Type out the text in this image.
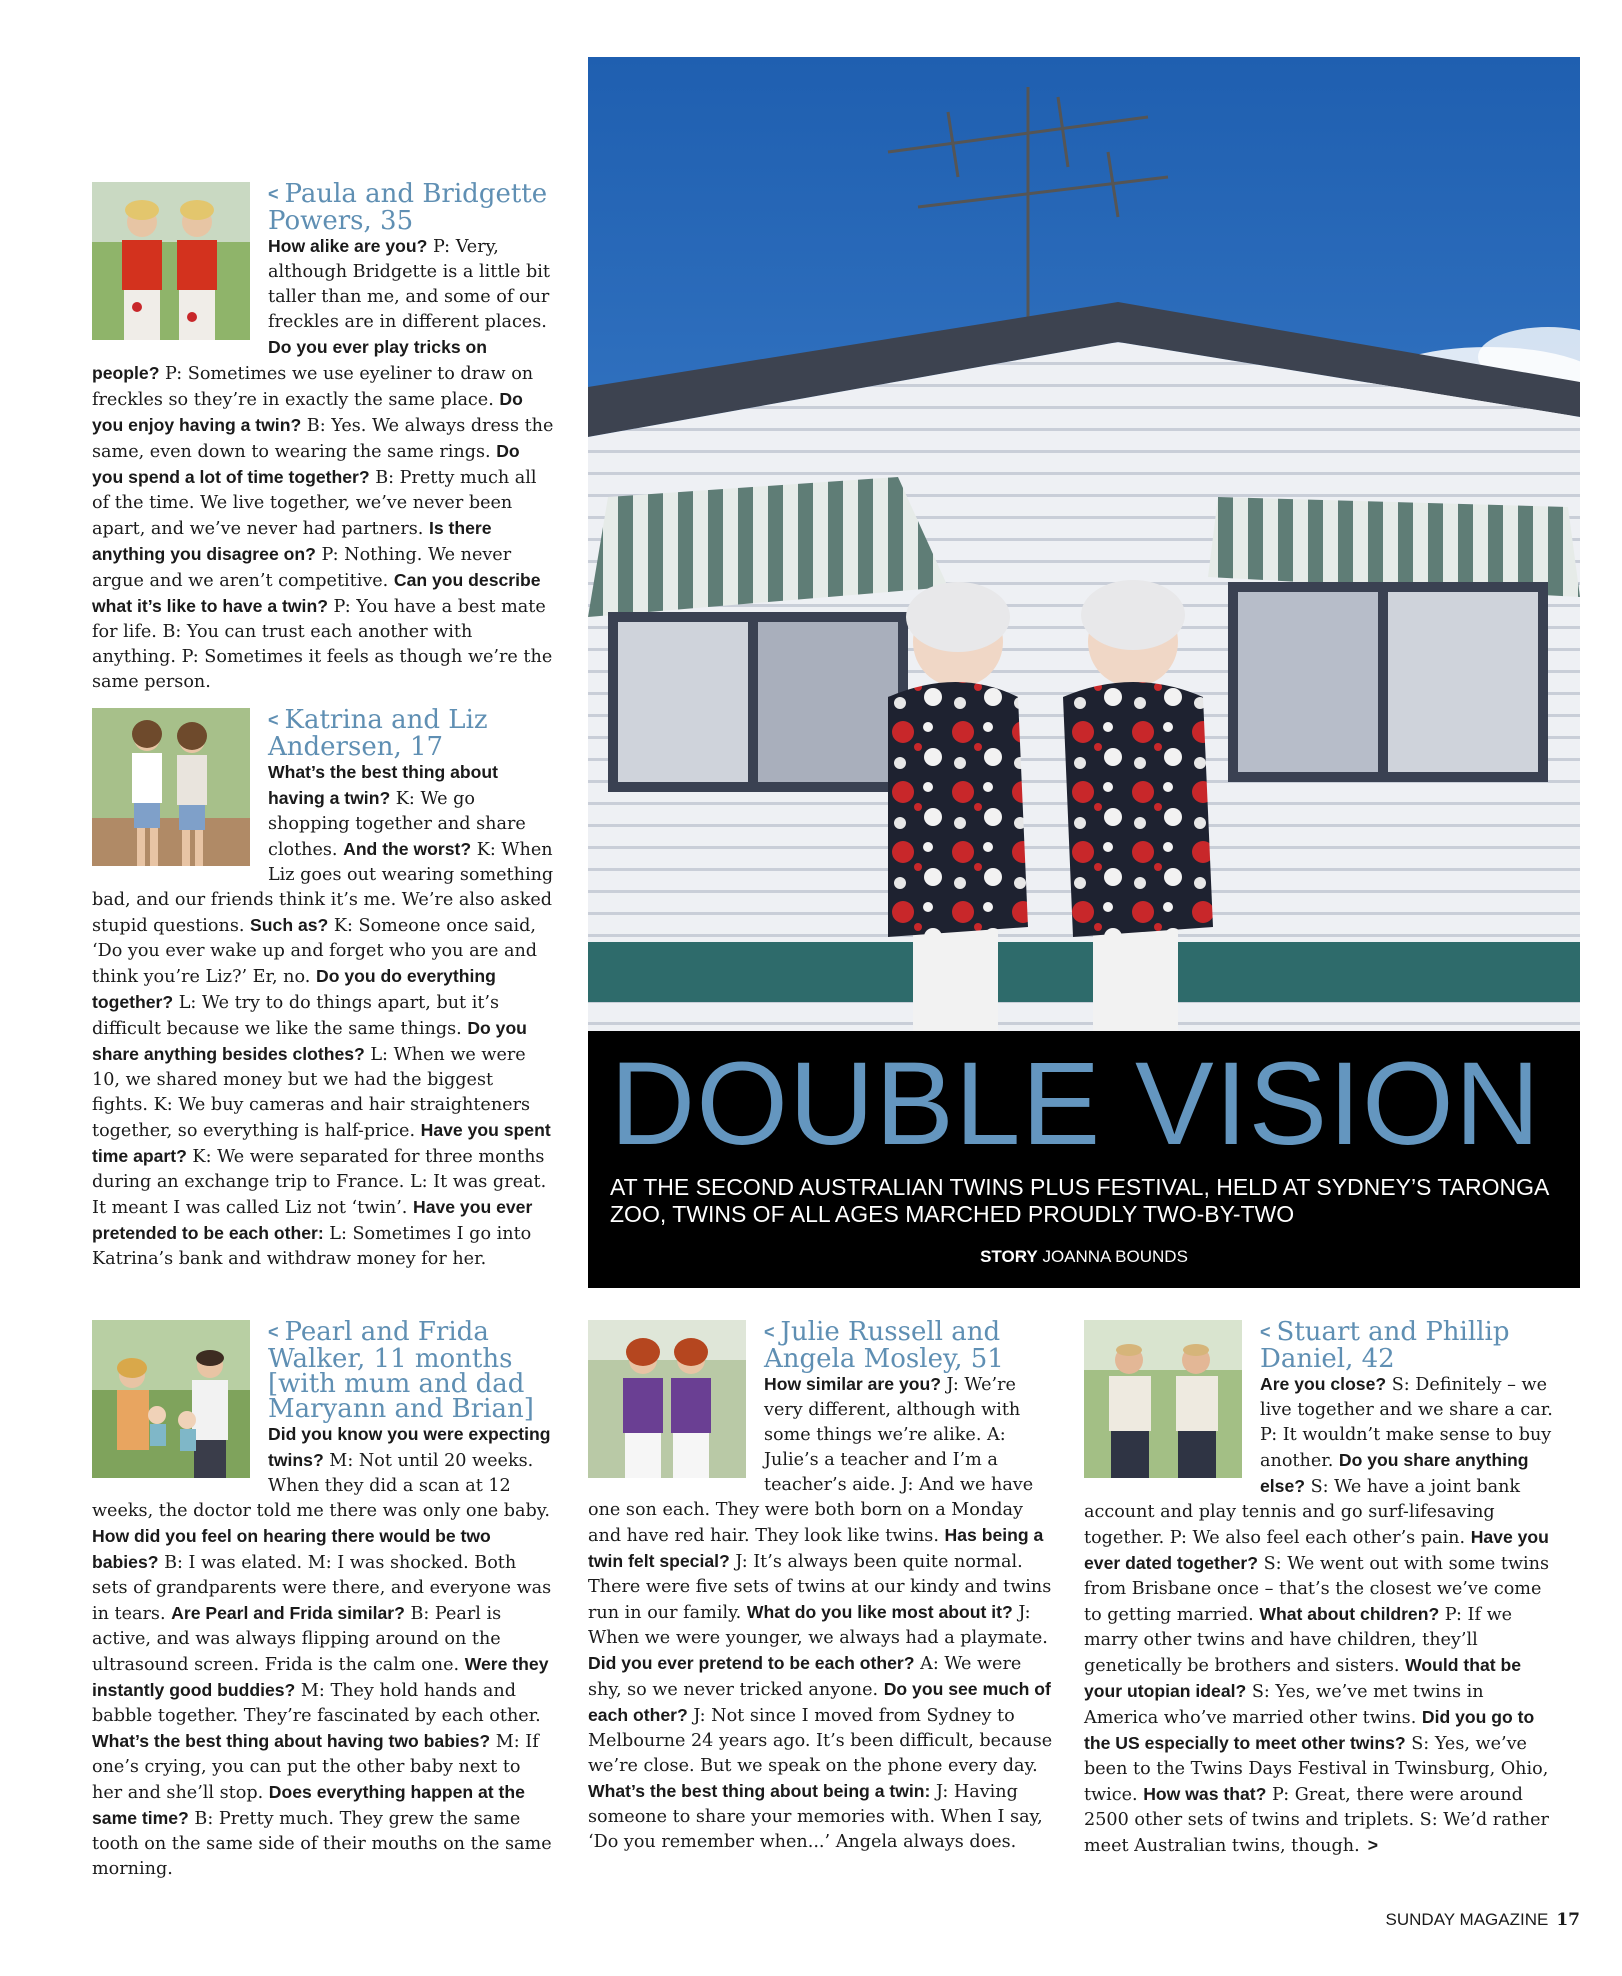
DOUBLE VISION

AT THE SECOND AUSTRALIAN TWINS PLUS FESTIVAL, HELD AT SYDNEY’S TARONGA ZOO, TWINS OF ALL AGES MARCHED PROUDLY TWO-BY-TWO

STORY JOANNA BOUNDS
< Paula and Bridgette Powers, 35

How alike are you? P: Very, although Bridgette is a little bit taller than me, and some of our freckles are in different places. Do you ever play tricks on people? P: Sometimes we use eyeliner to draw on freckles so they’re in exactly the same place. Do you enjoy having a twin? B: Yes. We always dress the same, even down to wearing the same rings. Do you spend a lot of time together? B: Pretty much all of the time. We live together, we’ve never been apart, and we’ve never had partners. Is there anything you disagree on? P: Nothing. We never argue and we aren’t competitive. Can you describe what it’s like to have a twin? P: You have a best mate for life. B: You can trust each another with anything. P: Sometimes it feels as though we’re the same person.

< Katrina and Liz Andersen, 17

What’s the best thing about having a twin? K: We go shopping together and share clothes. And the worst? K: When Liz goes out wearing something bad, and our friends think it’s me. We’re also asked stupid questions. Such as? K: Someone once said, ‘Do you ever wake up and forget who you are and think you’re Liz?’ Er, no. Do you do everything together? L: We try to do things apart, but it’s difficult because we like the same things. Do you share anything besides clothes? L: When we were 10, we shared money but we had the biggest fights. K: We buy cameras and hair straighteners together, so everything is half-price. Have you spent time apart? K: We were separated for three months during an exchange trip to France. L: It was great. It meant I was called Liz not ‘twin’. Have you ever pretended to be each other: L: Sometimes I go into Katrina’s bank and withdraw money for her.

< Pearl and Frida Walker, 11 months [with mum and dad Maryann and Brian]

Did you know you were expecting twins? M: Not until 20 weeks. When they did a scan at 12 weeks, the doctor told me there was only one baby. How did you feel on hearing there would be two babies? B: I was elated. M: I was shocked. Both sets of grandparents were there, and everyone was in tears. Are Pearl and Frida similar? B: Pearl is active, and was always flipping around on the ultrasound screen. Frida is the calm one. Were they instantly good buddies? M: They hold hands and babble together. They’re fascinated by each other. What’s the best thing about having two babies? M: If one’s crying, you can put the other baby next to her and she’ll stop. Does everything happen at the same time? B: Pretty much. They grew the same tooth on the same side of their mouths on the same morning.

< Julie Russell and Angela Mosley, 51

How similar are you? J: We’re very different, although with some things we’re alike. A: Julie’s a teacher and I’m a teacher’s aide. J: And we have one son each. They were both born on a Monday and have red hair. They look like twins. Has being a twin felt special? J: It’s always been quite normal. There were five sets of twins at our kindy and twins run in our family. What do you like most about it? J: When we were younger, we always had a playmate. Did you ever pretend to be each other? A: We were shy, so we never tricked anyone. Do you see much of each other? J: Not since I moved from Sydney to Melbourne 24 years ago. It’s been difficult, because we’re close. But we speak on the phone every day. What’s the best thing about being a twin: J: Having someone to share your memories with. When I say, ‘Do you remember when...’ Angela always does.

< Stuart and Phillip Daniel, 42

Are you close? S: Definitely – we live together and we share a car. P: It wouldn’t make sense to buy another. Do you share anything else? S: We have a joint bank account and play tennis and go surf-lifesaving together. P: We also feel each other’s pain. Have you ever dated together? S: We went out with some twins from Brisbane once – that’s the closest we’ve come to getting married. What about children? P: If we marry other twins and have children, they’ll genetically be brothers and sisters. Would that be your utopian ideal? S: Yes, we’ve met twins in America who’ve married other twins. Did you go to the US especially to meet other twins? S: Yes, we’ve been to the Twins Days Festival in Twinsburg, Ohio, twice. How was that? P: Great, there were around 2500 other sets of twins and triplets. S: We’d rather meet Australian twins, though. >

SUNDAY MAGAZINE 17
